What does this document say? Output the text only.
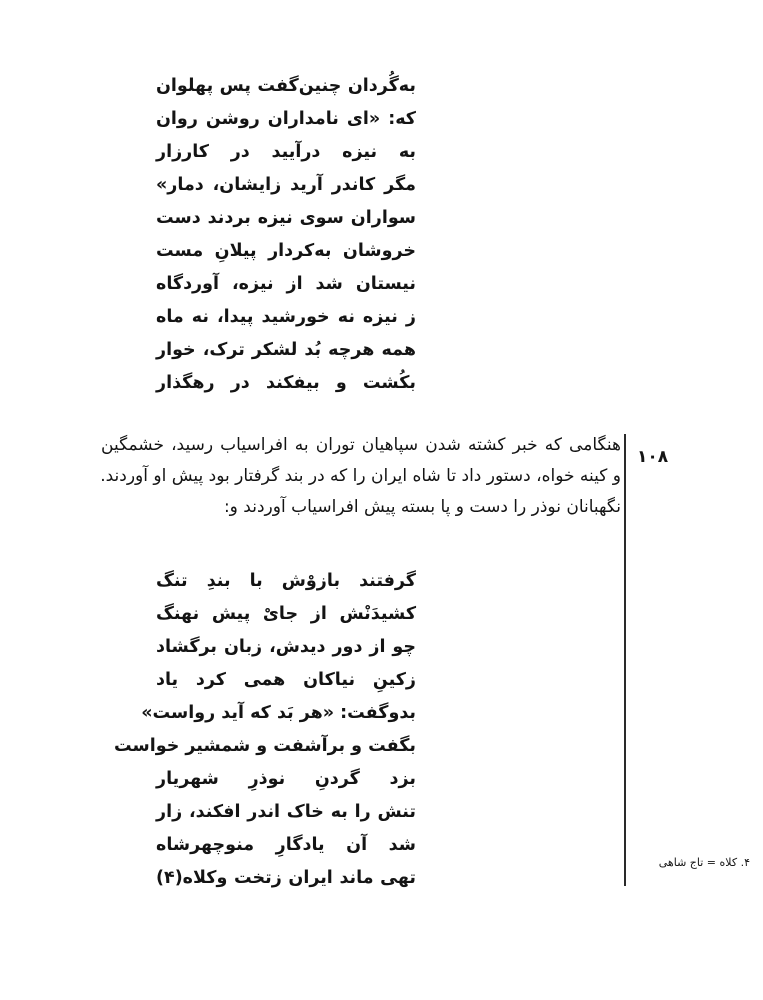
به‌گُردان چنین‌گفت پس پهلوان
که: «ای نامداران روشن روان
به نیزه درآیید در کارزار
مگر کاندر آرید زایشان، دمار»
سواران سوی نیزه بردند دست
خروشان به‌کردار پیلانِ مست
نیستان شد از نیزه، آوردگاه
ز نیزه نه خورشید پیدا، نه ماه
همه هرچه بُد لشکر ترک، خوار
بکُشت و بیفکند در رهگذار
۱۰۸
هنگامی که خبر کشته شدن سپاهیان توران به افراسیاب رسید، خشمگین
و کینه خواه، دستور داد تا شاه ایران را که در بند گرفتار بود پیش او آوردند.
نگهبانان نوذر را دست و پا بسته پیش افراسیاب آوردند و:
گرفتند بازوْش با بندِ تنگ
کشیدَنْش از جایْ پیش نهنگ
چو از دور دیدش، زبان برگشاد
زکینِ نیاکان همی کرد یاد
بدوگفت: «هر بَد که آید رواست»
بگفت و برآشفت و شمشیر خواست
بزد گردنِ نوذرِ شهریار
تنش را به خاک اندر افکند، زار
شد آن یادگارِ منوچهرشاه
تهی ماند ایران زتخت وکلاه(۴)
۴. کلاه = تاج شاهی
